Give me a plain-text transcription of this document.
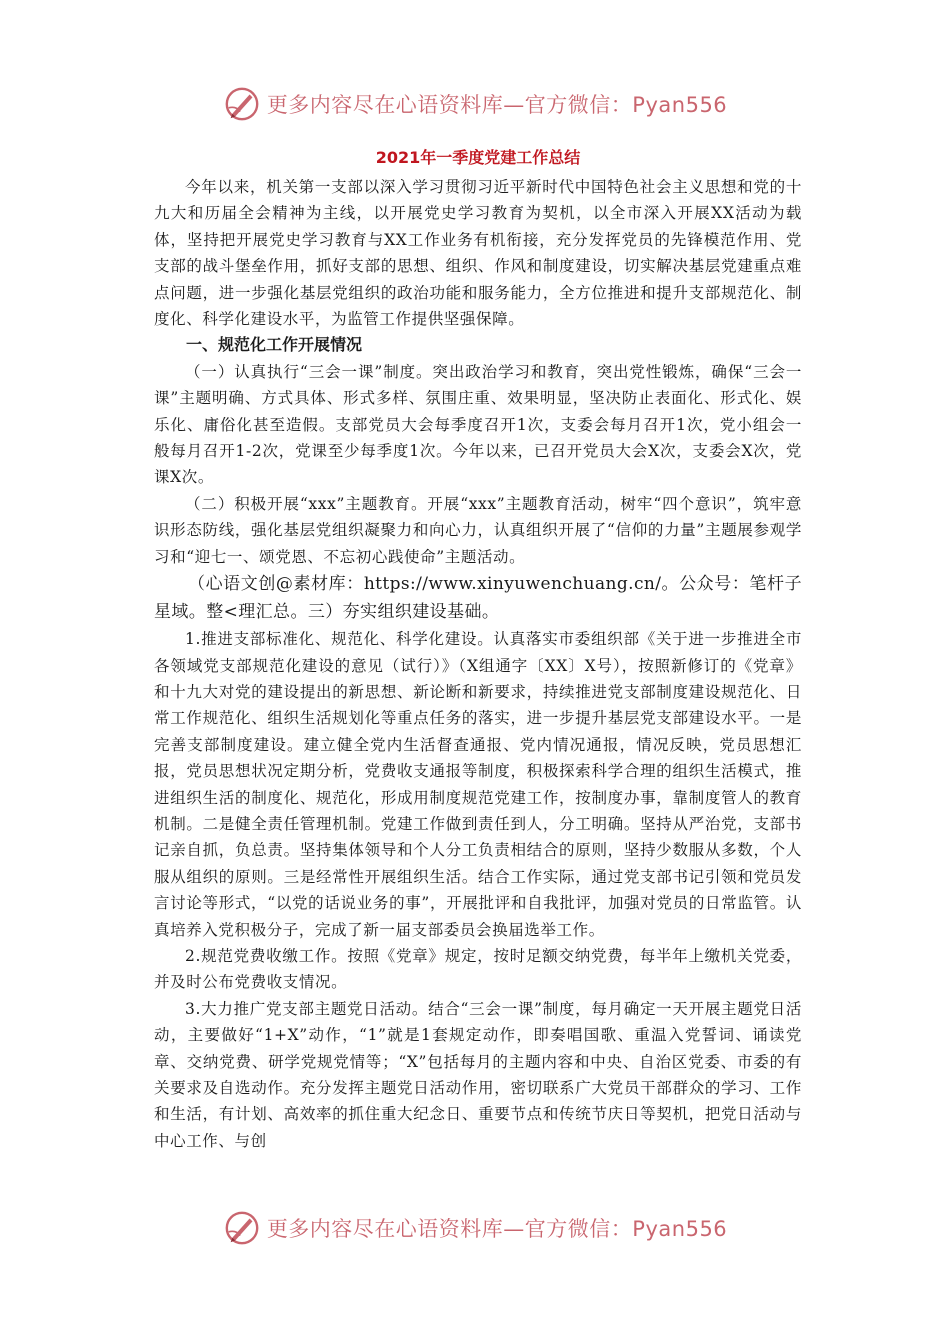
更多内容尽在心语资料库—官方微信：Pyan556

2021年一季度党建工作总结

今年以来，机关第一支部以深入学习贯彻习近平新时代中国特色社会主义思想和党的十九大和历届全会精神为主线，以开展党史学习教育为契机，以全市深入开展XX活动为载体，坚持把开展党史学习教育与XX工作业务有机衔接，充分发挥党员的先锋模范作用、党支部的战斗堡垒作用，抓好支部的思想、组织、作风和制度建设，切实解决基层党建重点难点问题，进一步强化基层党组织的政治功能和服务能力，全方位推进和提升支部规范化、制度化、科学化建设水平，为监管工作提供坚强保障。

一、规范化工作开展情况

（一）认真执行“三会一课”制度。突出政治学习和教育，突出党性锻炼，确保“三会一课”主题明确、方式具体、形式多样、氛围庄重、效果明显，坚决防止表面化、形式化、娱乐化、庸俗化甚至造假。支部党员大会每季度召开1次，支委会每月召开1次，党小组会一般每月召开1-2次，党课至少每季度1次。今年以来，已召开党员大会X次，支委会X次，党课X次。

（二）积极开展“xxx”主题教育。开展“xxx”主题教育活动，树牢“四个意识”，筑牢意识形态防线，强化基层党组织凝聚力和向心力，认真组织开展了“信仰的力量”主题展参观学习和“迎七一、颂党恩、不忘初心践使命”主题活动。

（心语文创@素材库：https://www.xinyuwenchuang.cn/。公众号：笔杆子星域。整<理汇总。三）夯实组织建设基础。

1.推进支部标准化、规范化、科学化建设。认真落实市委组织部《关于进一步推进全市各领域党支部规范化建设的意见（试行）》（X组通字〔XX〕X号），按照新修订的《党章》和十九大对党的建设提出的新思想、新论断和新要求，持续推进党支部制度建设规范化、日常工作规范化、组织生活规划化等重点任务的落实，进一步提升基层党支部建设水平。一是完善支部制度建设。建立健全党内生活督查通报、党内情况通报，情况反映，党员思想汇报，党员思想状况定期分析，党费收支通报等制度，积极探索科学合理的组织生活模式，推进组织生活的制度化、规范化，形成用制度规范党建工作，按制度办事，靠制度管人的教育机制。二是健全责任管理机制。党建工作做到责任到人，分工明确。坚持从严治党，支部书记亲自抓，负总责。坚持集体领导和个人分工负责相结合的原则，坚持少数服从多数，个人服从组织的原则。三是经常性开展组织生活。结合工作实际，通过党支部书记引领和党员发言讨论等形式，“以党的话说业务的事”，开展批评和自我批评，加强对党员的日常监管。认真培养入党积极分子，完成了新一届支部委员会换届选举工作。

2.规范党费收缴工作。按照《党章》规定，按时足额交纳党费，每半年上缴机关党委，并及时公布党费收支情况。

3.大力推广党支部主题党日活动。结合“三会一课”制度，每月确定一天开展主题党日活动，主要做好“1+X”动作，“1”就是1套规定动作，即奏唱国歌、重温入党誓词、诵读党章、交纳党费、研学党规党情等；“X”包括每月的主题内容和中央、自治区党委、市委的有关要求及自选动作。充分发挥主题党日活动作用，密切联系广大党员干部群众的学习、工作和生活，有计划、高效率的抓住重大纪念日、重要节点和传统节庆日等契机，把党日活动与中心工作、与创

更多内容尽在心语资料库—官方微信：Pyan556
